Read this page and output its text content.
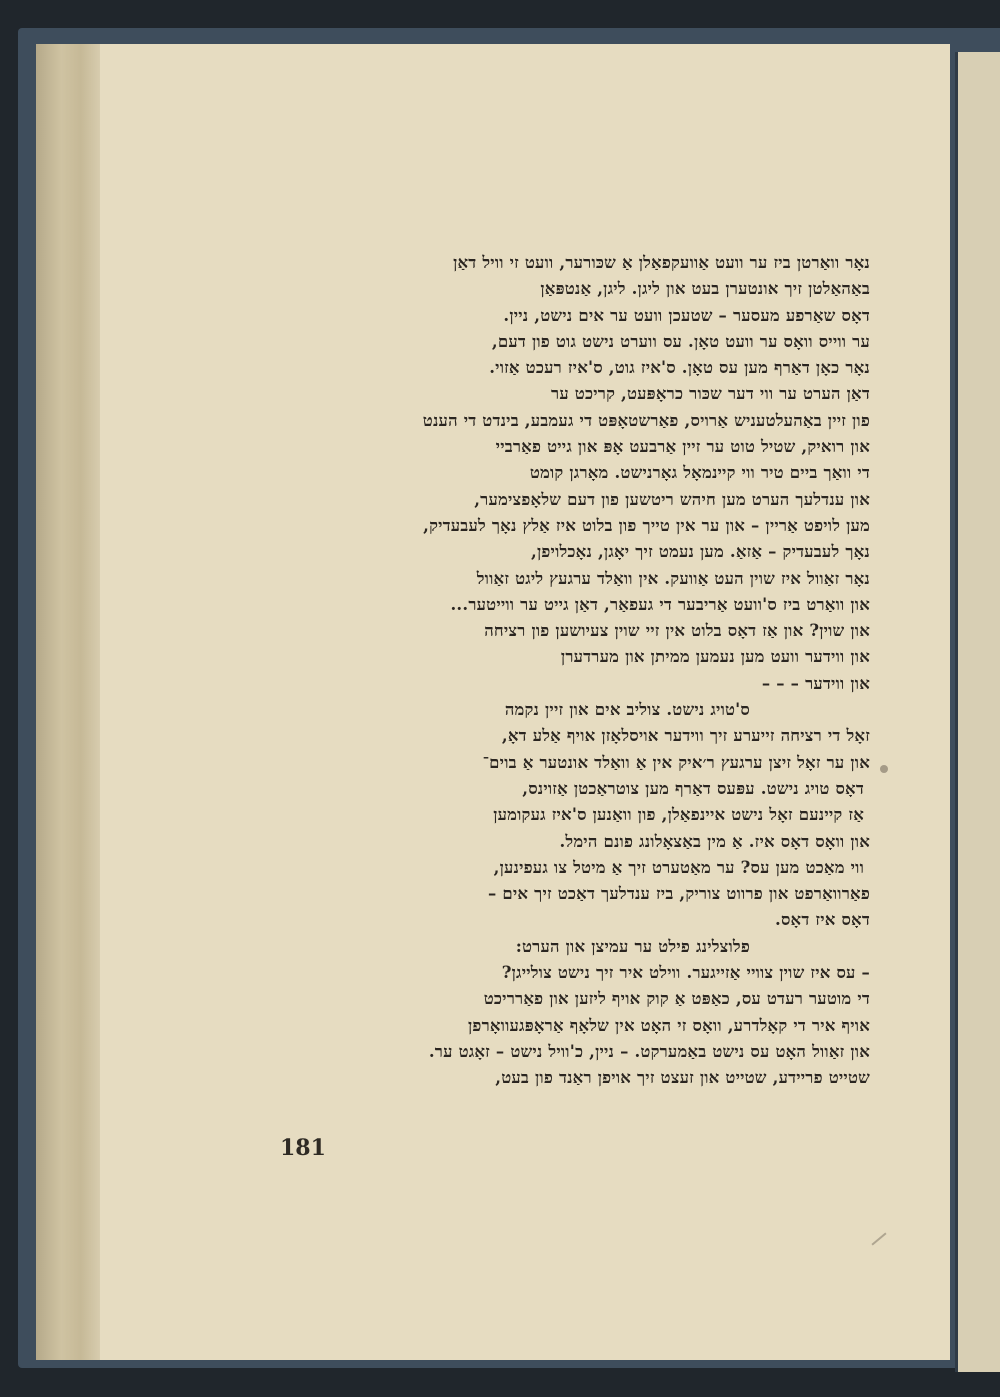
נאָר וואַרטן ביז ער וועט אַוועקפאַלן אַ שכּורער, וועט זי וויל דאַן
באַהאַלטן זיך אונטערן בעט און ליגן. ליגן, אַנטפּאַן
דאָס שאַרפע מעסער – שטעכן וועט ער אים נישט, ניין.
ער ווייס וואָס ער וועט טאָן. עס ווערט נישט גוט פון דעם,
נאָר כאָן דאַרף מען עס טאָן. ס'איז גוט, ס'איז רעכט אַזוי.
דאַן הערט ער ווי דער שכּור כראָפּעט, קריכט ער
פון זיין באַהעלטעניש אַרויס, פאַרשטאָפּט די געמבע, בינדט די הענט
און רואיק, שטיל טוט ער זיין אַרבעט אָפּ און גייט פאַרביי
די וואַך ביים טיר ווי קיינמאָל גאָרנישט. מאָרגן קומט
און ענדלעך הערט מען חיהש ריטשען פון דעם שלאָפצימער,
מען לויפט אַריין – און ער אין טייך פון בלוט איז אַלץ נאָך לעבעדיק,
נאָך לעבעדיק – אַזאַ. מען נעמט זיך יאָגן, נאָכלויפן,
נאָר זאַוול איז שוין העט אַוועק. אין וואַלד ערגעץ ליגט זאַוול
און וואַרט ביז ס'וועט אַריבער די געפאַר, דאַן גייט ער ווייטער...
און שוין? און אַז דאָס בלוט אין זיי שוין צעיושען פון רציחה
און ווידער וועט מען נעמען ממיתן און מערדערן
און ווידער – – –
ס'טויג נישט. צוליב אים און זיין נקמה
זאָל די רציחה זייערע זיך ווידער אויסלאָזן אויף אַלע דאָ,
און ער זאָל זיצן ערגעץ ר׳איק אין אַ וואַלד אונטער אַ בוים־
דאָס טויג נישט. עפּעס דאַרף מען צוטראַכטן אַזוינס,
אַז קיינעם זאָל נישט איינפאַלן, פון וואַנען ס'איז געקומען
און וואָס דאָס איז. אַ מין באַצאָלונג פונם הימל.
ווי מאַכט מען עס? ער מאַטערט זיך אַ מיטל צו געפינען,
פאַרוואַרפט און פרווט צוריק, ביז ענדלעך דאַכט זיך אים –
דאָס איז דאָס.
פלוצלינג פילט ער עמיצן און הערט:
– עס איז שוין צוויי אַזייגער. ווילט איר זיך נישט צולייגן?
די מוטער רעדט עס, כאַפּט אַ קוק אויף ליזען און פאַרריכט
אויף איר די קאָלדרע, וואָס זי האָט אין שלאָף אַראָפּגעוואָרפן
און זאַוול האָט עס נישט באַמערקט. – ניין, כ'וויל נישט – זאָגט ער.
שטייט פריידע, שטייט און זעצט זיך אויפן ראַנד פון בעט,
181
